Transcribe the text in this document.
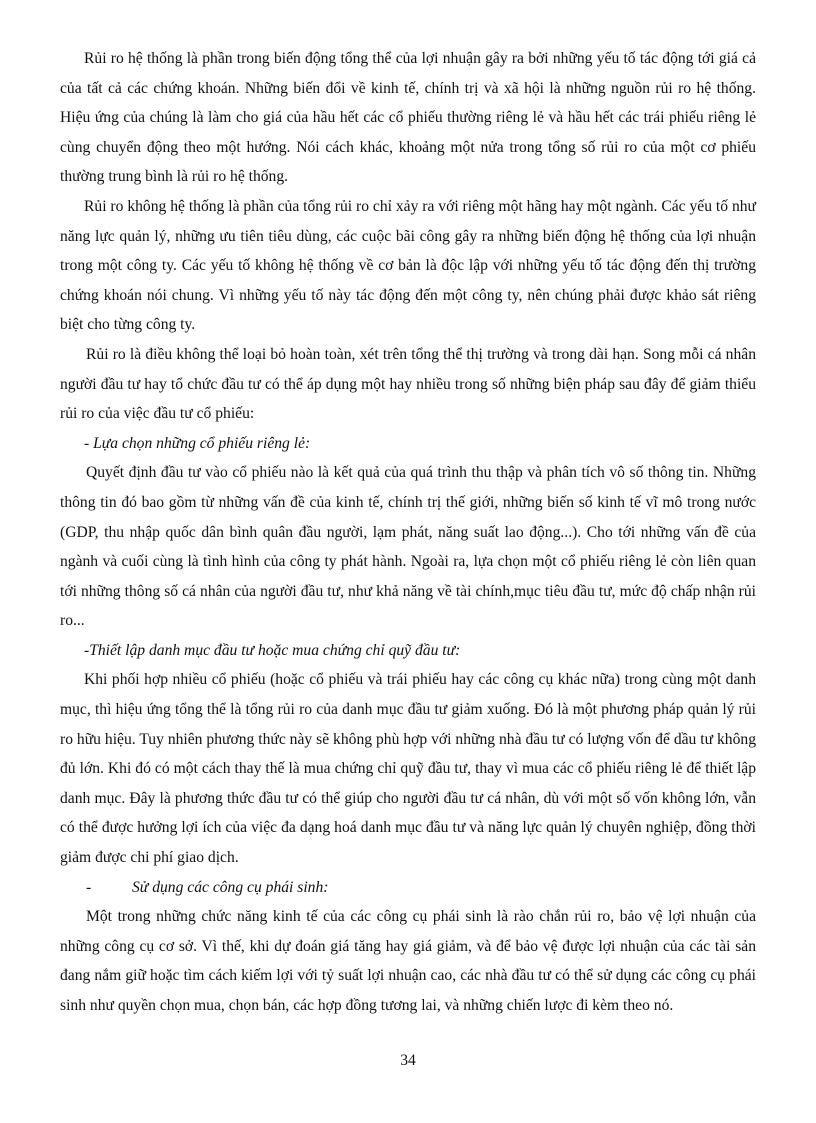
Rủi ro hệ thống là phần trong biến động tổng thể của lợi nhuận gây ra bởi những yếu tố tác động tới giá cả của tất cả các chứng khoán. Những biến đổi về kinh tế, chính trị và xã hội là những nguồn rủi ro hệ thống. Hiệu ứng của chúng là làm cho giá của hầu hết các cổ phiếu thường riêng lẻ và hầu hết các trái phiếu riêng lẻ cùng chuyển động theo một hướng. Nói cách khác, khoảng một nửa trong tổng số rủi ro của một cơ phiếu thường trung bình là rủi ro hệ thống.

Rủi ro không hệ thống là phần của tổng rủi ro chỉ xảy ra với riêng một hãng hay một ngành. Các yếu tố như năng lực quản lý, những ưu tiên tiêu dùng, các cuộc bãi công gây ra những biến động hệ thống của lợi nhuận trong một công ty. Các yếu tố không hệ thống về cơ bản là độc lập với những yếu tố tác động đến thị trường chứng khoán nói chung. Vì những yếu tố này tác động đến một công ty, nên chúng phải được khảo sát riêng biệt cho từng công ty.

Rủi ro là điều không thể loại bỏ hoàn toàn, xét trên tổng thể thị trường và trong dài hạn. Song mỗi cá nhân người đầu tư hay tổ chức đầu tư có thể áp dụng một hay nhiều trong số những biện pháp sau đây để giảm thiểu rủi ro của việc đầu tư cổ phiếu:

- Lựa chọn những cổ phiếu riêng lẻ:

Quyết định đầu tư vào cổ phiếu nào là kết quả của quá trình thu thập và phân tích vô số thông tin. Những thông tin đó bao gồm từ những vấn đề của kinh tế, chính trị thế giới, những biến số kinh tế vĩ mô trong nước (GDP, thu nhập quốc dân bình quân đầu người, lạm phát, năng suất lao động...). Cho tới những vấn đề của ngành và cuối cùng là tình hình của công ty phát hành. Ngoài ra, lựa chọn một cổ phiếu riêng lẻ còn liên quan tới những thông số cá nhân của người đầu tư, như khả năng về tài chính,mục tiêu đầu tư, mức độ chấp nhận rủi ro...

-Thiết lập danh mục đầu tư hoặc mua chứng chỉ quỹ đầu tư:

Khi phối hợp nhiều cổ phiếu (hoặc cổ phiếu và trái phiếu hay các công cụ khác nữa) trong cùng một danh mục, thì hiệu ứng tổng thể là tổng rủi ro của danh mục đầu tư giảm xuống. Đó là một phương pháp quản lý rủi ro hữu hiệu. Tuy nhiên phương thức này sẽ không phù hợp với những nhà đầu tư có lượng vốn để dầu tư không đủ lớn. Khi đó có một cách thay thế là mua chứng chỉ quỹ đầu tư, thay vì mua các cổ phiếu riêng lẻ để thiết lập danh mục. Đây là phương thức đầu tư có thể giúp cho người đầu tư cá nhân, dù với một số vốn không lớn, vẫn có thể được hưởng lợi ích của việc đa dạng hoá danh mục đầu tư và năng lực quản lý chuyên nghiệp, đồng thời giảm được chi phí giao dịch.

-	Sử dụng các công cụ phái sinh:

Một trong những chức năng kinh tế của các công cụ phái sinh là rào chắn rủi ro, bảo vệ lợi nhuận của những công cụ cơ sở. Vì thế, khi dự đoán giá tăng hay giá giảm, và để bảo vệ được lợi nhuận của các tài sản đang nắm giữ hoặc tìm cách kiếm lợi với tỷ suất lợi nhuận cao, các nhà đầu tư có thể sử dụng các công cụ phái sinh như quyền chọn mua, chọn bán, các hợp đồng tương lai, và những chiến lược đi kèm theo nó.

34
